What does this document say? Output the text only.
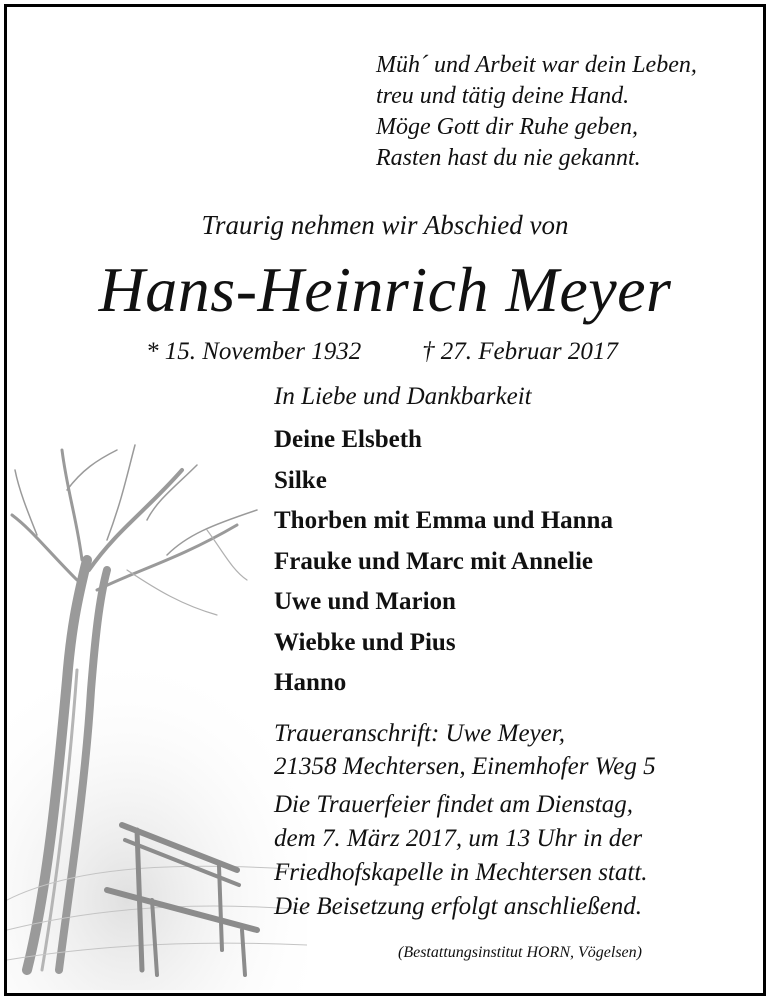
Müh´ und Arbeit war dein Leben,
treu und tätig deine Hand.
Möge Gott dir Ruhe geben,
Rasten hast du nie gekannt.
Traurig nehmen wir Abschied von
Hans-Heinrich Meyer
* 15. November 1932 † 27. Februar 2017
In Liebe und Dankbarkeit
Deine Elsbeth
Silke
Thorben mit Emma und Hanna
Frauke und Marc mit Annelie
Uwe und Marion
Wiebke und Pius
Hanno
Traueranschrift: Uwe Meyer,
21358 Mechtersen, Einemhofer Weg 5
Die Trauerfeier findet am Dienstag,
dem 7. März 2017, um 13 Uhr in der
Friedhofskapelle in Mechtersen statt.
Die Beisetzung erfolgt anschließend.
(Bestattungsinstitut HORN, Vögelsen)
